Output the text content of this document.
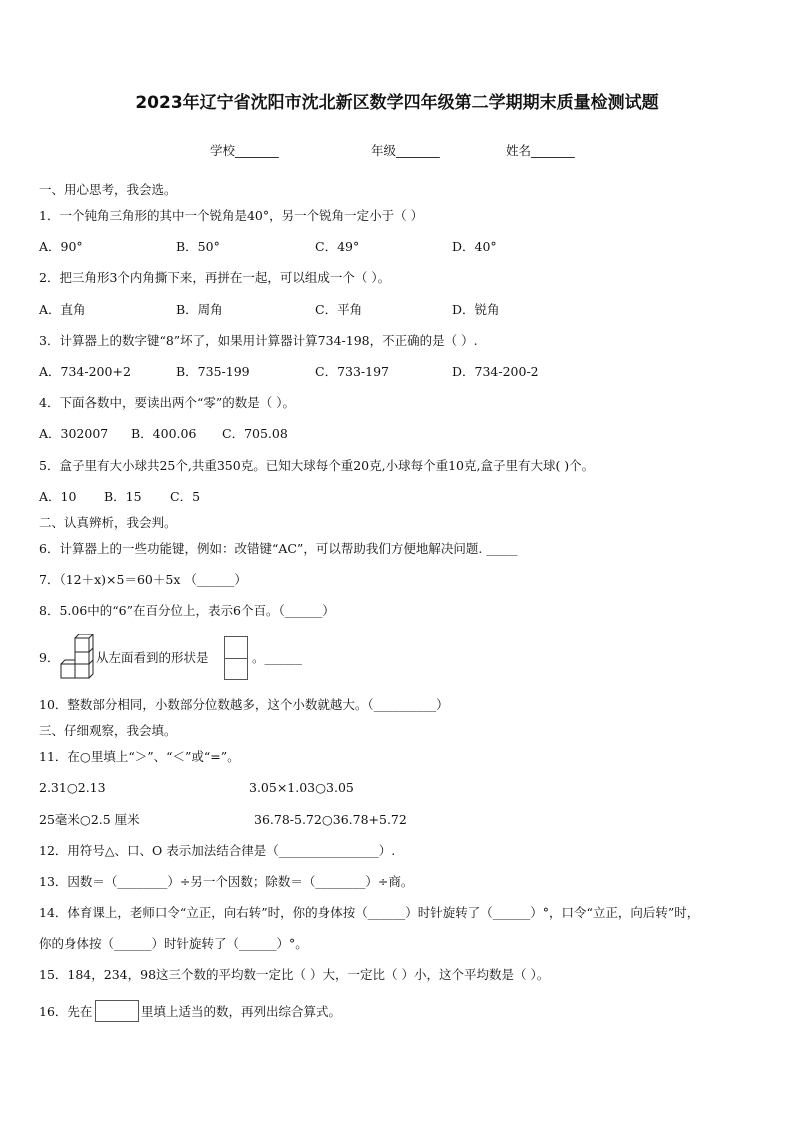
2023年辽宁省沈阳市沈北新区数学四年级第二学期期末质量检测试题
学校_______	年级_______	姓名_______
一、用心思考，我会选。
1．一个钝角三角形的其中一个锐角是40°，另一个锐角一定小于（ ）
A．90°	B．50°	C．49°	D．40°
2．把三角形3个内角撕下来，再拼在一起，可以组成一个（ ）。
A．直角	B．周角	C．平角	D．锐角
3．计算器上的数字键“8”坏了，如果用计算器计算734-198，不正确的是（ ）.
A．734-200+2	B．735-199	C．733-197	D．734-200-2
4．下面各数中，要读出两个“零”的数是（ ）。
A．302007 B．400.06 C．705.08
5．盒子里有大小球共25个,共重350克。已知大球每个重20克,小球每个重10克,盒子里有大球( )个。
A．10 B．15 C．5
二、认真辨析，我会判。
6．计算器上的一些功能键，例如：改错键“AC”，可以帮助我们方便地解决问题. _____
7．（12＋x)×5＝60＋5x （______）
8．5.06中的“6”在百分位上，表示6个百。（______）
9．	从左面看到的形状是	。______
10．整数部分相同，小数部分位数越多，这个小数就越大。（__________）
三、仔细观察，我会填。
11．在○里填上“＞”、“＜”或“=”。
2.31○2.13	3.05×1.03○3.05
25毫米○2.5 厘米	36.78-5.72○36.78+5.72
12．用符号△、口、O 表示加法结合律是（________________）.
13．因数＝（________）÷另一个因数；除数＝（________）÷商。
14．体育课上，老师口令“立正，向右转”时，你的身体按（______）时针旋转了（______）°，口令“立正，向后转”时，
你的身体按（______）时针旋转了（______）°。
15．184，234，98这三个数的平均数一定比（ ）大，一定比（ ）小，这个平均数是（ ）。
16．先在	里填上适当的数，再列出综合算式。
